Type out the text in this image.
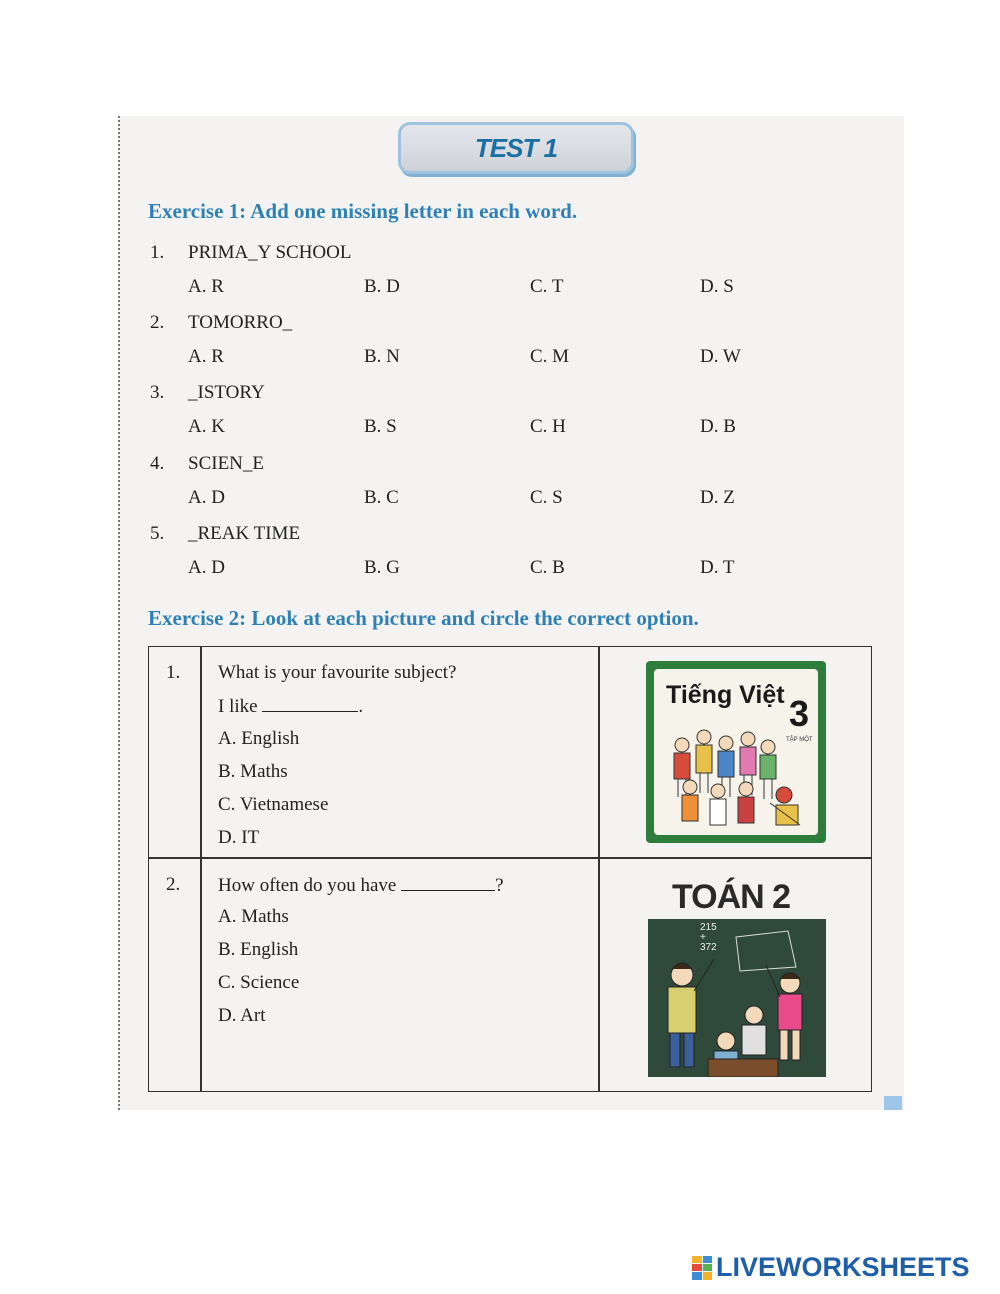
TEST 1
Exercise 1: Add one missing letter in each word.
1. PRIMA_Y SCHOOL
A. R	B. D	C. T	D. S
2. TOMORRO_
A. R	B. N	C. M	D. W
3. _ISTORY
A. K	B. S	C. H	D. B
4. SCIEN_E
A. D	B. C	C. S	D. Z
5. _REAK TIME
A. D	B. G	C. B	D. T
Exercise 2: Look at each picture and circle the correct option.
1. What is your favourite subject?
I like	.
A. English
B. Maths
C. Vietnamese
D. IT
Tiếng Việt 3
TẬP MỘT
2. How often do you have	?
A. Maths
B. English
C. Science
D. Art
TOÁN 2
215
+
372
LIVEWORKSHEETS
